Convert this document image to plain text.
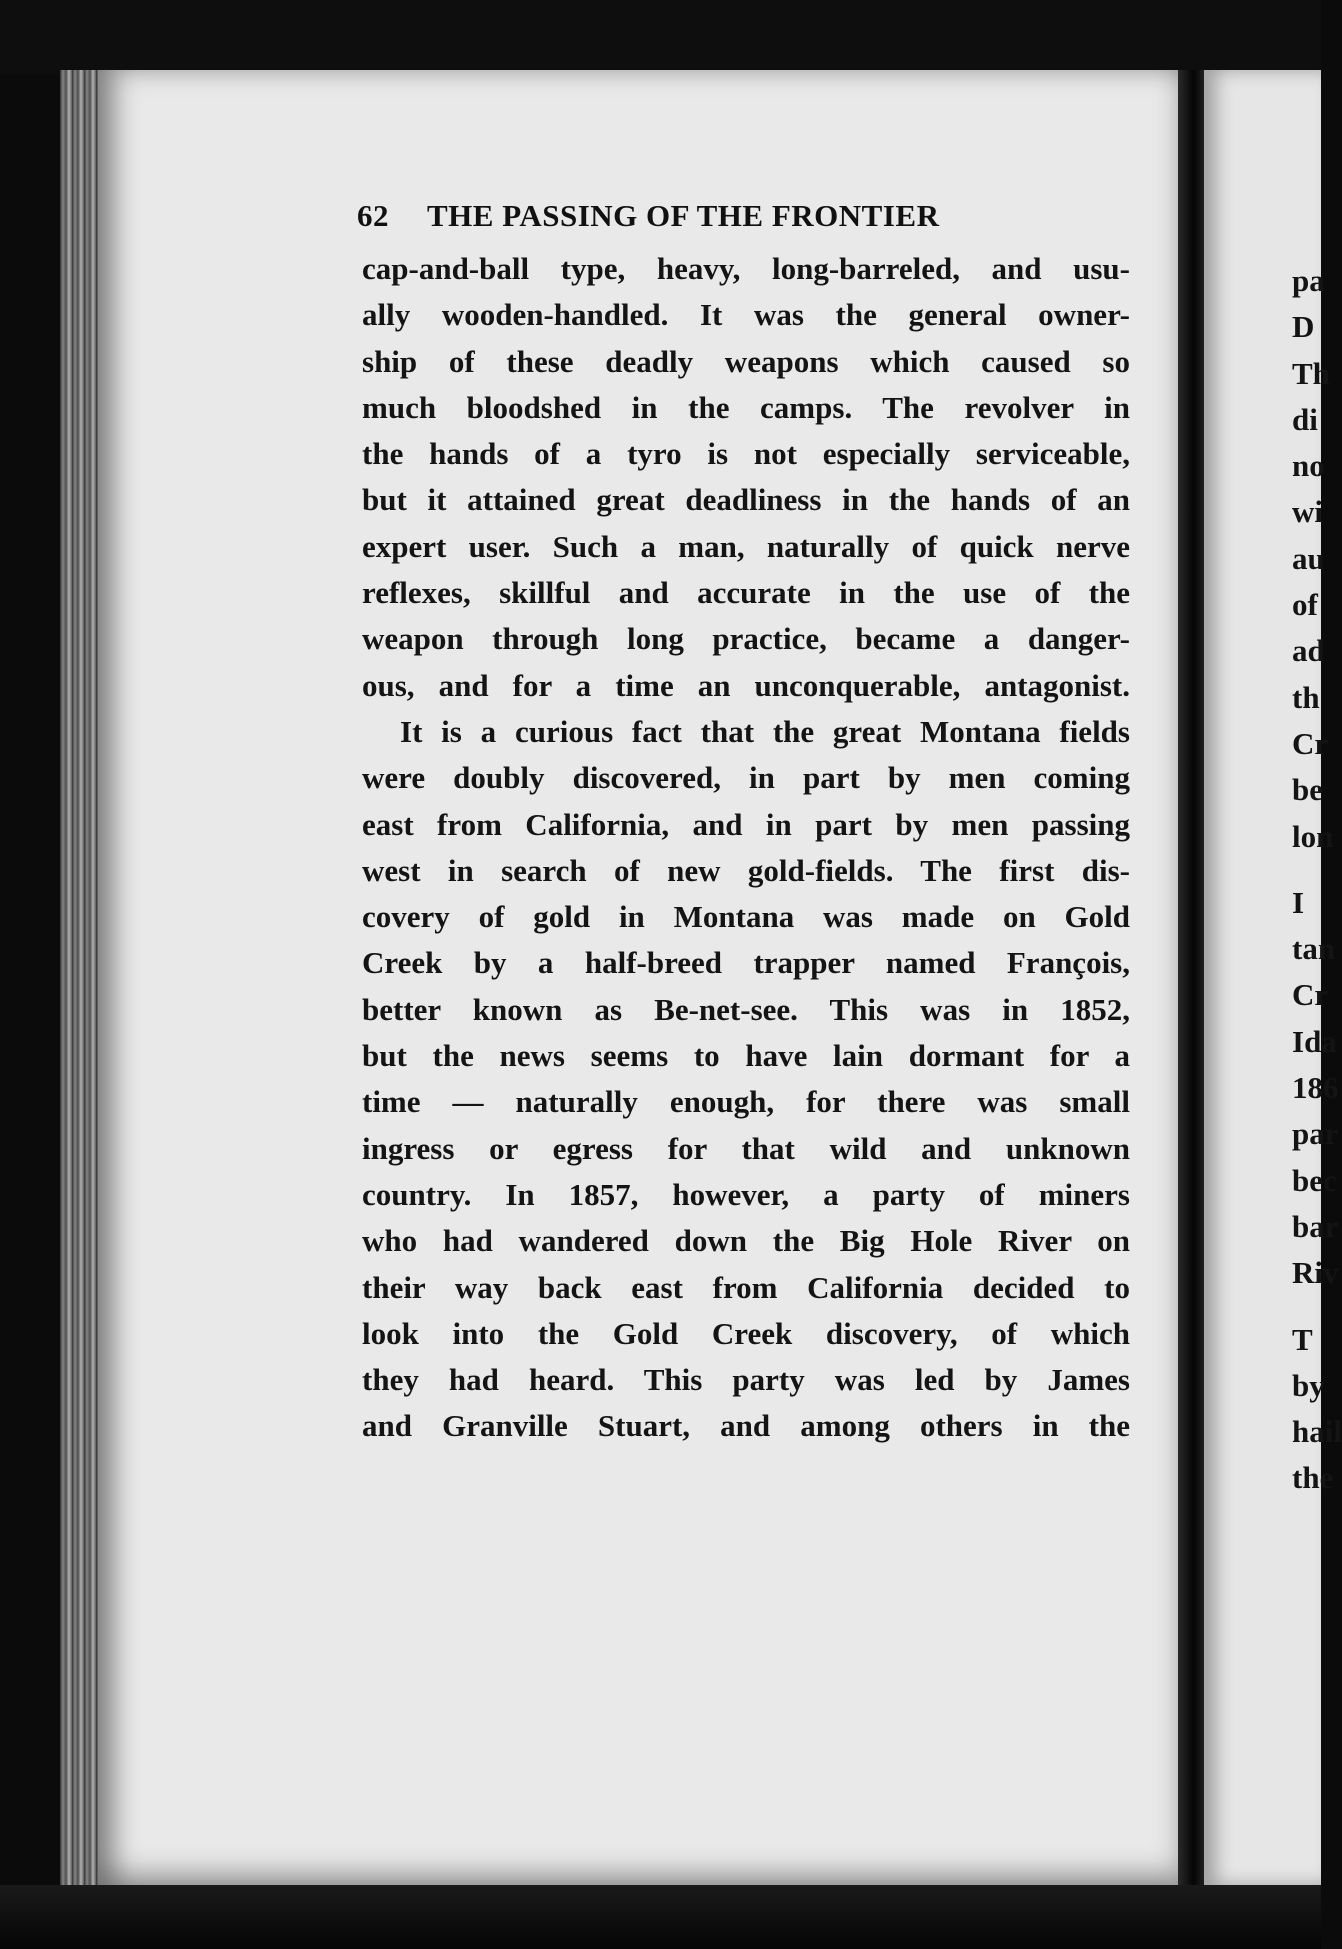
62 THE PASSING OF THE FRONTIER
cap-and-ball type, heavy, long-barreled, and usu-
ally wooden-handled. It was the general owner-
ship of these deadly weapons which caused so
much bloodshed in the camps. The revolver in
the hands of a tyro is not especially serviceable,
but it attained great deadliness in the hands of an
expert user. Such a man, naturally of quick nerve
reflexes, skillful and accurate in the use of the
weapon through long practice, became a danger-
ous, and for a time an unconquerable, antagonist.
It is a curious fact that the great Montana fields
were doubly discovered, in part by men coming
east from California, and in part by men passing
west in search of new gold-fields. The first dis-
covery of gold in Montana was made on Gold
Creek by a half-breed trapper named François,
better known as Be-net-see. This was in 1852,
but the news seems to have lain dormant for a
time — naturally enough, for there was small
ingress or egress for that wild and unknown
country. In 1857, however, a party of miners
who had wandered down the Big Hole River on
their way back east from California decided to
look into the Gold Creek discovery, of which
they had heard. This party was led by James
and Granville Stuart, and among others in the
pa
D
Th
di
no
wi
au
of
ad
th
Cr
be
lon
I
tan
Cr
Ida
186
par
bec
bar
Riv
T
by
hail
the
